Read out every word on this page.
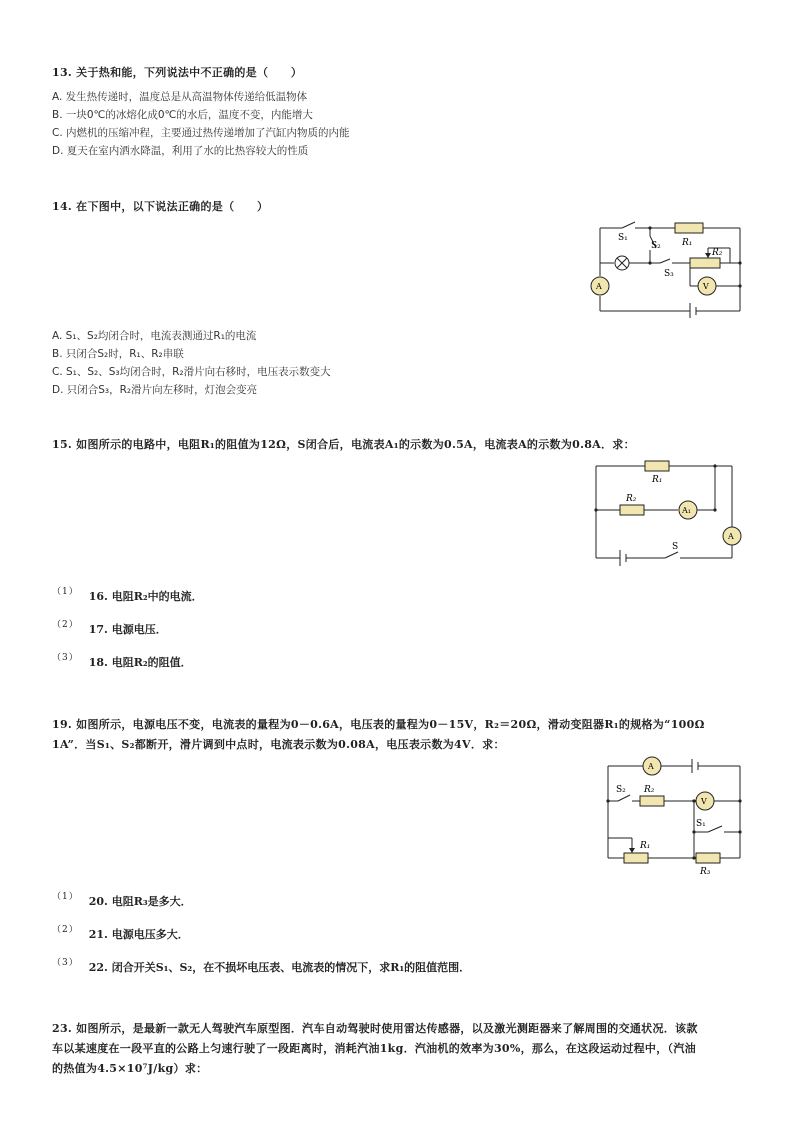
13. 关于热和能，下列说法中不正确的是（　　）
A. 发生热传递时，温度总是从高温物体传递给低温物体
B. 一块0℃的冰熔化成0℃的水后，温度不变，内能增大
C. 内燃机的压缩冲程，主要通过热传递增加了汽缸内物质的内能
D. 夏天在室内洒水降温，利用了水的比热容较大的性质
14. 在下图中，以下说法正确的是（　　）
S₁
S₂
S₃
R₁
R₂
A	V
A. S₁、S₂均闭合时，电流表测通过R₁的电流
B. 只闭合S₂时，R₁、R₂串联
C. S₁、S₂、S₃均闭合时，R₂滑片向右移时，电压表示数变大
D. 只闭合S₃，R₂滑片向左移时，灯泡会变亮
15. 如图所示的电路中，电阻R₁的阻值为12Ω，S闭合后，电流表A₁的示数为0.5A，电流表A的示数为0.8A．求：
R₁
R₂
A₁
A
S
$^{(1)}$ 16. 电阻R₂中的电流．
$^{(2)}$ 17. 电源电压．
$^{(3)}$ 18. 电阻R₂的阻值．
19. 如图所示，电源电压不变，电流表的量程为0－0.6A，电压表的量程为0－15V，R₂＝20Ω，滑动变阻器R₁的规格为“100Ω
1A”．当S₁、S₂都断开，滑片调到中点时，电流表示数为0.08A，电压表示数为4V．求：
A
V
S₂ R₂
S₁
R₁
R₃
$^{(1)}$ 20. 电阻R₃是多大．
$^{(2)}$ 21. 电源电压多大．
$^{(3)}$ 22. 闭合开关S₁、S₂，在不损坏电压表、电流表的情况下，求R₁的阻值范围．
23. 如图所示，是最新一款无人驾驶汽车原型图．汽车自动驾驶时使用雷达传感器，以及激光测距器来了解周围的交通状况．该款
车以某速度在一段平直的公路上匀速行驶了一段距离时，消耗汽油1kg．汽油机的效率为30%，那么，在这段运动过程中，（汽油
的热值为4.5×10⁷J/kg）求：
